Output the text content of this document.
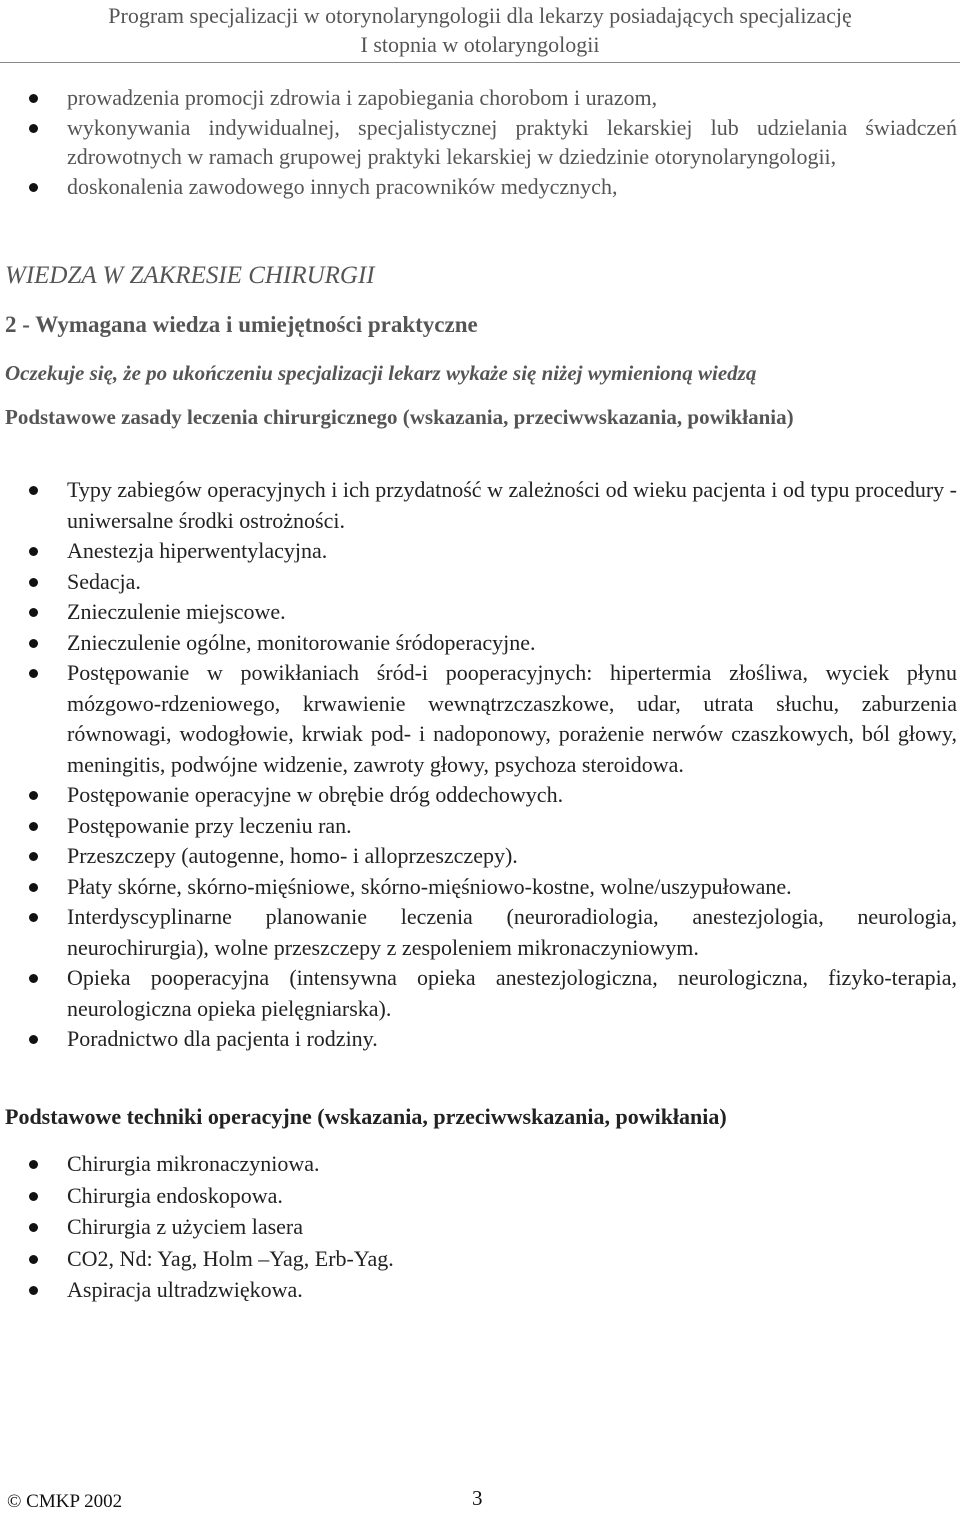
Program specjalizacji w otorynolaryngologii dla lekarzy posiadających specjalizację
I stopnia w otolaryngologii
prowadzenia promocji zdrowia i zapobiegania chorobom i urazom,
wykonywania indywidualnej, specjalistycznej praktyki lekarskiej lub udzielania świadczeń zdrowotnych w ramach grupowej praktyki lekarskiej w dziedzinie otorynolaryngologii,
doskonalenia zawodowego innych pracowników medycznych,
WIEDZA W ZAKRESIE CHIRURGII
2 - Wymagana wiedza i umiejętności praktyczne
Oczekuje się, że po ukończeniu specjalizacji lekarz wykaże się niżej wymienioną wiedzą
Podstawowe zasady leczenia chirurgicznego (wskazania, przeciwwskazania, powikłania)
Typy zabiegów operacyjnych i ich przydatność w zależności od wieku pacjenta i od typu procedury - uniwersalne środki ostrożności.
Anestezja hiperwentylacyjna.
Sedacja.
Znieczulenie miejscowe.
Znieczulenie ogólne, monitorowanie śródoperacyjne.
Postępowanie w powikłaniach śród-i pooperacyjnych: hipertermia złośliwa, wyciek płynu mózgowo-rdzeniowego, krwawienie wewnątrzczaszkowe, udar, utrata słuchu, zaburzenia równowagi, wodogłowie, krwiak pod- i nadoponowy, porażenie nerwów czaszkowych, ból głowy, meningitis, podwójne widzenie, zawroty głowy, psychoza steroidowa.
Postępowanie operacyjne w obrębie dróg oddechowych.
Postępowanie przy leczeniu ran.
Przeszczepy (autogenne, homo- i alloprzeszczepy).
Płaty skórne, skórno-mięśniowe, skórno-mięśniowo-kostne, wolne/uszypułowane.
Interdyscyplinarne planowanie leczenia (neuroradiologia, anestezjologia, neurologia, neurochirurgia), wolne przeszczepy z zespoleniem mikronaczyniowym.
Opieka pooperacyjna (intensywna opieka anestezjologiczna, neurologiczna, fizyko-terapia, neurologiczna opieka pielęgniarska).
Poradnictwo dla pacjenta i rodziny.
Podstawowe techniki operacyjne (wskazania, przeciwwskazania, powikłania)
Chirurgia mikronaczyniowa.
Chirurgia endoskopowa.
Chirurgia z użyciem lasera
CO2, Nd: Yag, Holm –Yag, Erb-Yag.
Aspiracja ultradzwiękowa.
© CMKP 2002	3
